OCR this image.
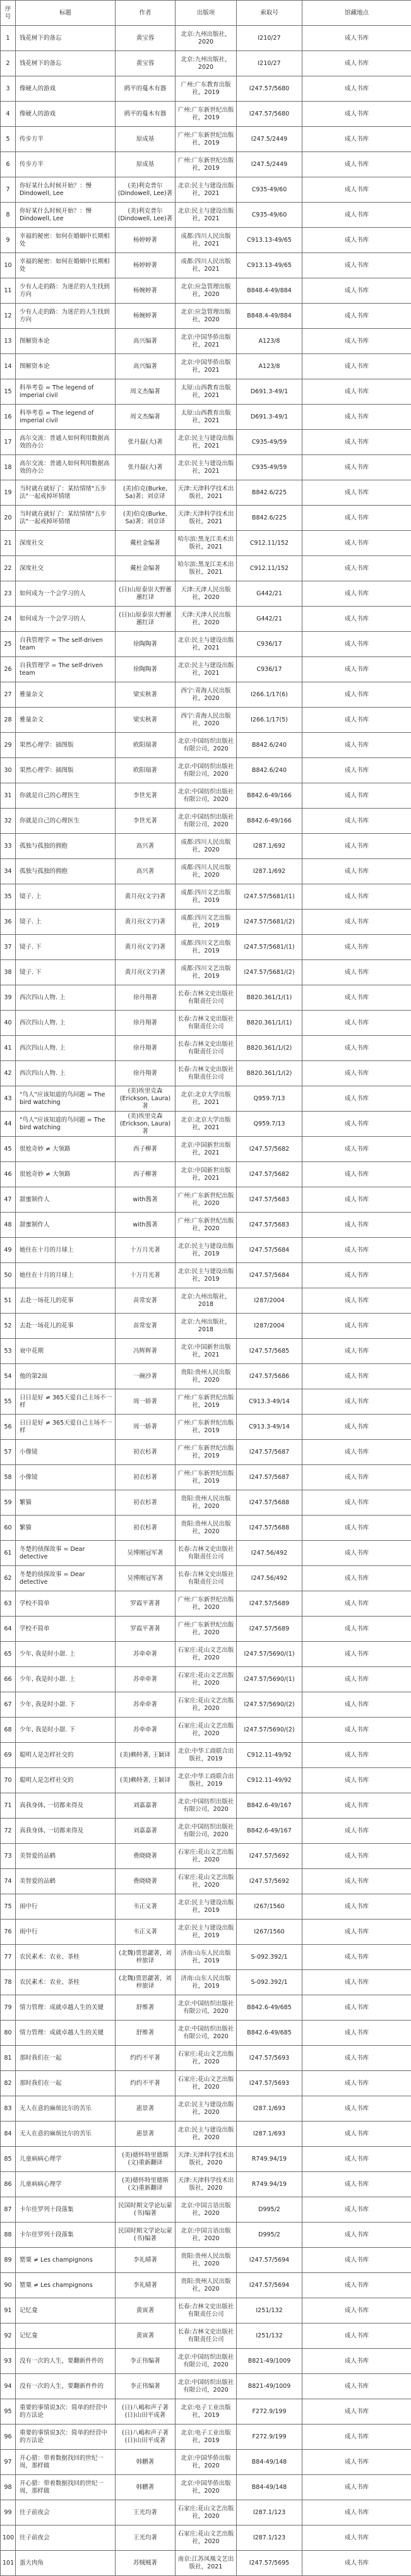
序号	标题	作者	出版项	索取号	馆藏地点
1	钱花树下的备忘	黄宝蓉	北京:九州出版社，2020	I210/27	成人书库
2	钱花树下的备忘	黄宝蓉	北京:九州出版社，2020	I210/27	成人书库
3	像硬人的游戏	鸥平的蔓木有器	广州:广东教育出版社，2019	I247.57/5680	成人书库
4	像硬人的游戏	鸥平的蔓木有器	广州:广东新世纪出版社，2019	I247.57/5680	成人书库
5	传步方半	原成基	广州:广东新世纪出版社，2019	I247.5/2449	成人书库
6	传步方半	原成基	广州:广东新世纪出版社，2019	I247.5/2449	成人书库
7	你好某什么时候开始？：慢Dindowell, Lee	(美)利克普尔(Dindowell, Lee)著	北京:民主与建设出版社，2021	C935-49/60	成人书库
8	你好某什么时候开始？：慢Dindowell, Lee	(美)利克普尔(Dindowell, Lee)著	北京:民主与建设出版社，2021	C935-49/60	成人书库
9	幸福的秘密：如何在婚姻中长期相处	杨婷婷著	成都:四川人民出版社，2021	C913.13-49/65	成人书库
10	幸福的秘密：如何在婚姻中长期相处	杨婷婷著	成都:四川人民出版社，2021	C913.13-49/65	成人书库
11	少有人走的路：为迷茫的人生找到方向	杨婉婷著	北京:应急管理出版社，2020	B848.4-49/884	成人书库
12	少有人走的路：为迷茫的人生找到方向	杨婉婷著	北京:应急管理出版社，2020	B848.4-49/884	成人书库
13	图解资本论	高兴编著	北京:中国华侨出版社，2021	A123/8	成人书库
14	图解资本论	高兴编著	北京:中国华侨出版社，2021	A123/8	成人书库
15	科举考卷 = The legend of imperial civil	周文杰编著	太原:山西教育出版社，2021	D691.3-49/1	成人书库
16	科举考卷 = The legend of imperial civil	周文杰编著	太原:山西教育出版社，2021	D691.3-49/1	成人书库
17	高尔交流：普通人如何利用数据高效的办公	张丹磊(大)著	北京:民主与建设出版社，2021	C935-49/59	成人书库
18	高尔交流：普通人如何利用数据高效的办公	张丹磊(大)著	北京:民主与建设出版社，2021	C935-49/59	成人书库
19	当时就在就好了：某结情绪"五步法"一起戒掉坏情绪	(美)伯克(Burke, Sa)著；刘京译	天津:天津科学技术出版社，2021	B842.6/225	成人书库
20	当时就在就好了：某结情绪"五步法"一起戒掉坏情绪	(美)伯克(Burke, Sa)著；刘京译	天津:天津科学技术出版社，2021	B842.6/225	成人书库
21	深度社交	戴杜金编著	哈尔滨:黑龙江美术出版社，2021	C912.11/152	成人书库
22	深度社交	戴杜金编著	哈尔滨:黑龙江美术出版社，2021	C912.11/152	成人书库
23	如何成为一个会学习的人	(日)山原泰崇大野蕙蕙红译	天津:天津人民出版社，2020	G442/21	成人书库
24	如何成为一个会学习的人	(日)山原泰崇大野蕙蕙红译	天津:天津人民出版社，2020	G442/21	成人书库
25	自我管理学 = The self-driven team	徐陶陶著	北京:民主与建设出版社，2021	C936/17	成人书库
26	自我管理学 = The self-driven team	徐陶陶著	北京:民主与建设出版社，2021	C936/17	成人书库
27	雅量杂文	梁实秋著	西宁:青海人民出版社，2020	I266.1/17(6)	成人书库
28	雅量杂文	梁实秋著	西宁:青海人民出版社，2020	I266.1/17(5)	成人书库
29	果然心理学：插图版	欧阳瑞著	北京:中国纺织出版社有限公司，2020	B842.6/240	成人书库
30	果然心理学：插图版	欧阳瑞著	北京:中国纺织出版社有限公司，2020	B842.6/240	成人书库
31	你就是自己的心理医生	李世光著	北京:中国纺织出版社有限公司，2020	B842.6-49/166	成人书库
32	你就是自己的心理医生	李世光著	北京:中国纺织出版社有限公司，2020	B842.6-49/166	成人书库
33	孤独与孤独的拥抱	高兴著	成都:四川人民出版社，2020	I287.1/692	成人书库
34	孤独与孤独的拥抱	高兴著	成都:四川人民出版社，2020	I287.1/692	成人书库
35	镜子. 上	黄月亮(文字)著	成都:四川文艺出版社，2019	I247.57/5681/(1)	成人书库
36	镜子. 上	黄月亮(文字)著	成都:四川文艺出版社，2019	I247.57/5681/(2)	成人书库
37	镜子. 下	黄月亮(文字)著	成都:四川文艺出版社，2019	I247.57/5681/(1)	成人书库
38	镜子. 下	黄月亮(文字)著	成都:四川文艺出版社，2019	I247.57/5681/(2)	成人书库
39	西次四山人物. 上	徐丹翔著	长春:吉林文史出版社有限责任公司	B820.361/1/(1)	成人书库
40	西次四山人物. 上	徐丹翔著	长春:吉林文史出版社有限责任公司	B820.361/1/(1)	成人书库
41	西次四山人物. 上	徐丹翔著	长春:吉林文史出版社有限责任公司	B820.361/1/(2)	成人书库
42	西次四山人物. 上	徐丹翔著	长春:吉林文史出版社有限责任公司	B820.361/1/(2)	成人书库
43	"鸟人"应该知道的鸟问题 = The bird watching	(美)埃里克森(Erickson, Laura)著	北京:北京大学出版社，2021	Q959.7/13	成人书库
44	"鸟人"应该知道的鸟问题 = The bird watching	(美)埃里克森(Erickson, Laura)著	北京:北京大学出版社，2021	Q959.7/13	成人书库
45	很尬奇妙 ≠ 大领路	西子柳著	北京:中国新世出版社，2021	I247.57/5682	成人书库
46	很尬奇妙 ≠ 大领路	西子柳著	北京:中国新世出版社，2021	I247.57/5682	成人书库
47	甜蜜制作人	with酱著	广州:广东新世纪出版社，2020	I247.57/5683	成人书库
48	甜蜜制作人	with酱著	广州:广东新世纪出版社，2020	I247.57/5683	成人书库
49	她住在十月的月球上	十万月光著	北京:民主与建设出版社，2019	I247.57/5684	成人书库
50	她住在十月的月球上	十万月光著	北京:民主与建设出版社，2019	I247.57/5684	成人书库
51	去赴一场花儿的花事	苗常安著	北京:九州出版社，2018	I287/2004	成人书库
52	去赴一场花儿的花事	苗常安著	北京:九州出版社，2018	I287/2004	成人书库
53	衰中花期	冯辉辉著	北京:中国新世出版社，2021	I247.57/5685	成人书库
54	他的第2面	一碗沙著	贵阳:贵州人民出版社，2020	I247.57/5686	成人书库
55	日日是好 ≠ 365天爱自己主场不一样	周一娇著	广州:广东新世纪出版社，2019	C913.3-49/14	成人书库
56	日日是好 ≠ 365天爱自己主场不一样	周一娇著	广州:广东新世纪出版社，2019	C913.3-49/14	成人书库
57	小像镜	初衣杉著	广州:广东新世纪出版社，2019	I247.57/5687	成人书库
58	小像镜	初衣杉著	广州:广东新世纪出版社，2019	I247.57/5687	成人书库
59	繁猫	初衣杉著	贵阳:贵州人民出版社，2020	I247.57/5688	成人书库
60	繁猫	初衣杉著	贵阳:贵州人民出版社，2020	I247.57/5688	成人书库
61	冬楚的侦探故事 = Dear detective	吴博刚冠军著	长春:吉林文史出版社有限责任公司	I247.56/492	成人书库
62	冬楚的侦探故事 = Dear detective	吴博刚冠军著	长春:吉林文史出版社有限责任公司	I247.56/492	成人书库
63	学校不简单	罗霞平著著	广州:广东新世纪出版社，2020	I247.57/5689	成人书库
64	学校不简单	罗霞平著著	广州:广东新世纪出版社，2020	I247.57/5689	成人书库
65	少年, 我是时小甜. 上	苏牵牵著	石家庄:花山文艺出版社，2020	I247.57/5690/(1)	成人书库
66	少年, 我是时小甜. 上	苏牵牵著	石家庄:花山文艺出版社，2020	I247.57/5690/(1)	成人书库
67	少年, 我是时小甜. 下	苏牵牵著	石家庄:花山文艺出版社，2020	I247.57/5690/(2)	成人书库
68	少年, 我是时小甜. 下	苏牵牵著	石家庄:花山文艺出版社，2020	I247.57/5690/(2)	成人书库
69	聪明人是怎样社交的	(美)赖特著, 王颖译	北京:中华工商联合出版社，2019	C912.11-49/92	成人书库
70	聪明人是怎样社交的	(美)赖特著, 王颖译	北京:中华工商联合出版社，2019	C912.11-49/92	成人书库
71	真我身体, 一切都来得及	刘嘉嘉著	北京:中国纺织出版社有限公司，2020	B842.6-49/167	成人书库
72	真我身体, 一切都来得及	刘嘉嘉著	北京:中国纺织出版社有限公司，2020	B842.6-49/167	成人书库
73	美智爱的品鹤	费晓晓著	石家庄:花山文艺出版社，2020	I247.57/5692	成人书库
74	美智爱的品鹤	费晓晓著	石家庄:花山文艺出版社，2020	I247.57/5692	成人书库
75	雨中行	韦正义著	北京:民主与建设出版社，2019	I267/1560	成人书库
76	雨中行	韦正义著	北京:民主与建设出版社，2019	I267/1560	成人书库
77	农民素术：农业、茶桂	(北魏)贾思勰著，刘梓旅译	济南:山东人民出版社，2019	S-092.392/1	成人书库
78	农民素术：农业、茶桂	(北魏)贾思勰著，刘梓旅译	济南:山东人民出版社，2019	S-092.392/1	成人书库
79	情力管理：成就卓越人生的关键	舒维著	北京:中国纺织出版社有限公司，2020	B842.6-49/685	成人书库
80	情力管理：成就卓越人生的关键	舒维著	北京:中国纺织出版社有限公司，2020	B842.6-49/685	成人书库
81	那时我们在一起	约约不平著	石家庄:花山文艺出版社，2020	I247.57/5693	成人书库
82	那时我们在一起	约约不平著	石家庄:花山文艺出版社，2020	I247.57/5693	成人书库
83	无人在意的麻烦比尔的苦乐	惠景著	北京:民主与建设出版社，2020	I287.1/693	成人书库
84	无人在意的麻烦比尔的苦乐	惠景著	北京:民主与建设出版社，2020	I287.1/693	成人书库
85	儿童病病心理学	(美)德怀特里德斯(文)重新翻译	天津:天津科学技术出版社，2020	R749.94/19	成人书库
86	儿童病病心理学	(美)德怀特里德斯(文)重新翻译	天津:天津科学技术出版社，2020	R749.94/19	成人书库
87	卡尔佳罗列十段落集	民国时期文学论坛蒙(书)编著	北京:中国言语出版社，2020	D995/2	成人书库
88	卡尔佳罗列十段落集	民国时期文学论坛蒙(书)编著	北京:中国言语出版社，2020	D995/2	成人书库
89	罂粟 ≠ Les champignons	李礼晴著	贵阳:贵州人民出版社，2020	I247.57/5694	成人书库
90	罂粟 ≠ Les champignons	李礼晴著	贵阳:贵州人民出版社，2020	I247.57/5694	成人书库
91	记忆龛	黄寅著	长春:吉林文史出版社有限责任公司	I251/132	成人书库
92	记忆龛	黄寅著	长春:吉林文史出版社有限责任公司	I251/132	成人书库
93	没有一次的人生，要翻新件件的	李正伟编著	北京:中国纺织出版社有限公司，2020	B821-49/1009	成人书库
94	没有一次的人生，要翻新件件的	李正伟编著	北京:中国纺织出版社有限公司，2020	B821-49/1009	成人书库
95	重要的事情说3次：简单的经营中的方法论	(日)八嶋和声子著(日)山田平成著	北京:电子工业出版社，2019	F272.9/199	成人书库
96	重要的事情说3次：简单的经营中的方法论	(日)八嶋和声子著(日)山田平成著	北京:电子工业出版社，2019	F272.9/199	成人书库
97	开心猎：带着数据找回的世纪一周，那样做	韩鹏著	北京:中国华侨出版社，2020	B84-49/148	成人书库
98	开心猎：带着数据找回的世纪一周，那样做	韩鹏著	北京:中国华侨出版社，2020	B84-49/148	成人书库
99	往子前夜会	王光均著	石家庄:花山文艺出版社，2020	I287.1/123	成人书库
100	往子前夜会	王光均著	石家庄:花山文艺出版社，2020	I287.1/123	成人书库
101	蛋大肉角	苏贼贼著	南京:江苏凤凰文艺出版社，2021	I247.57/5695	成人书库
